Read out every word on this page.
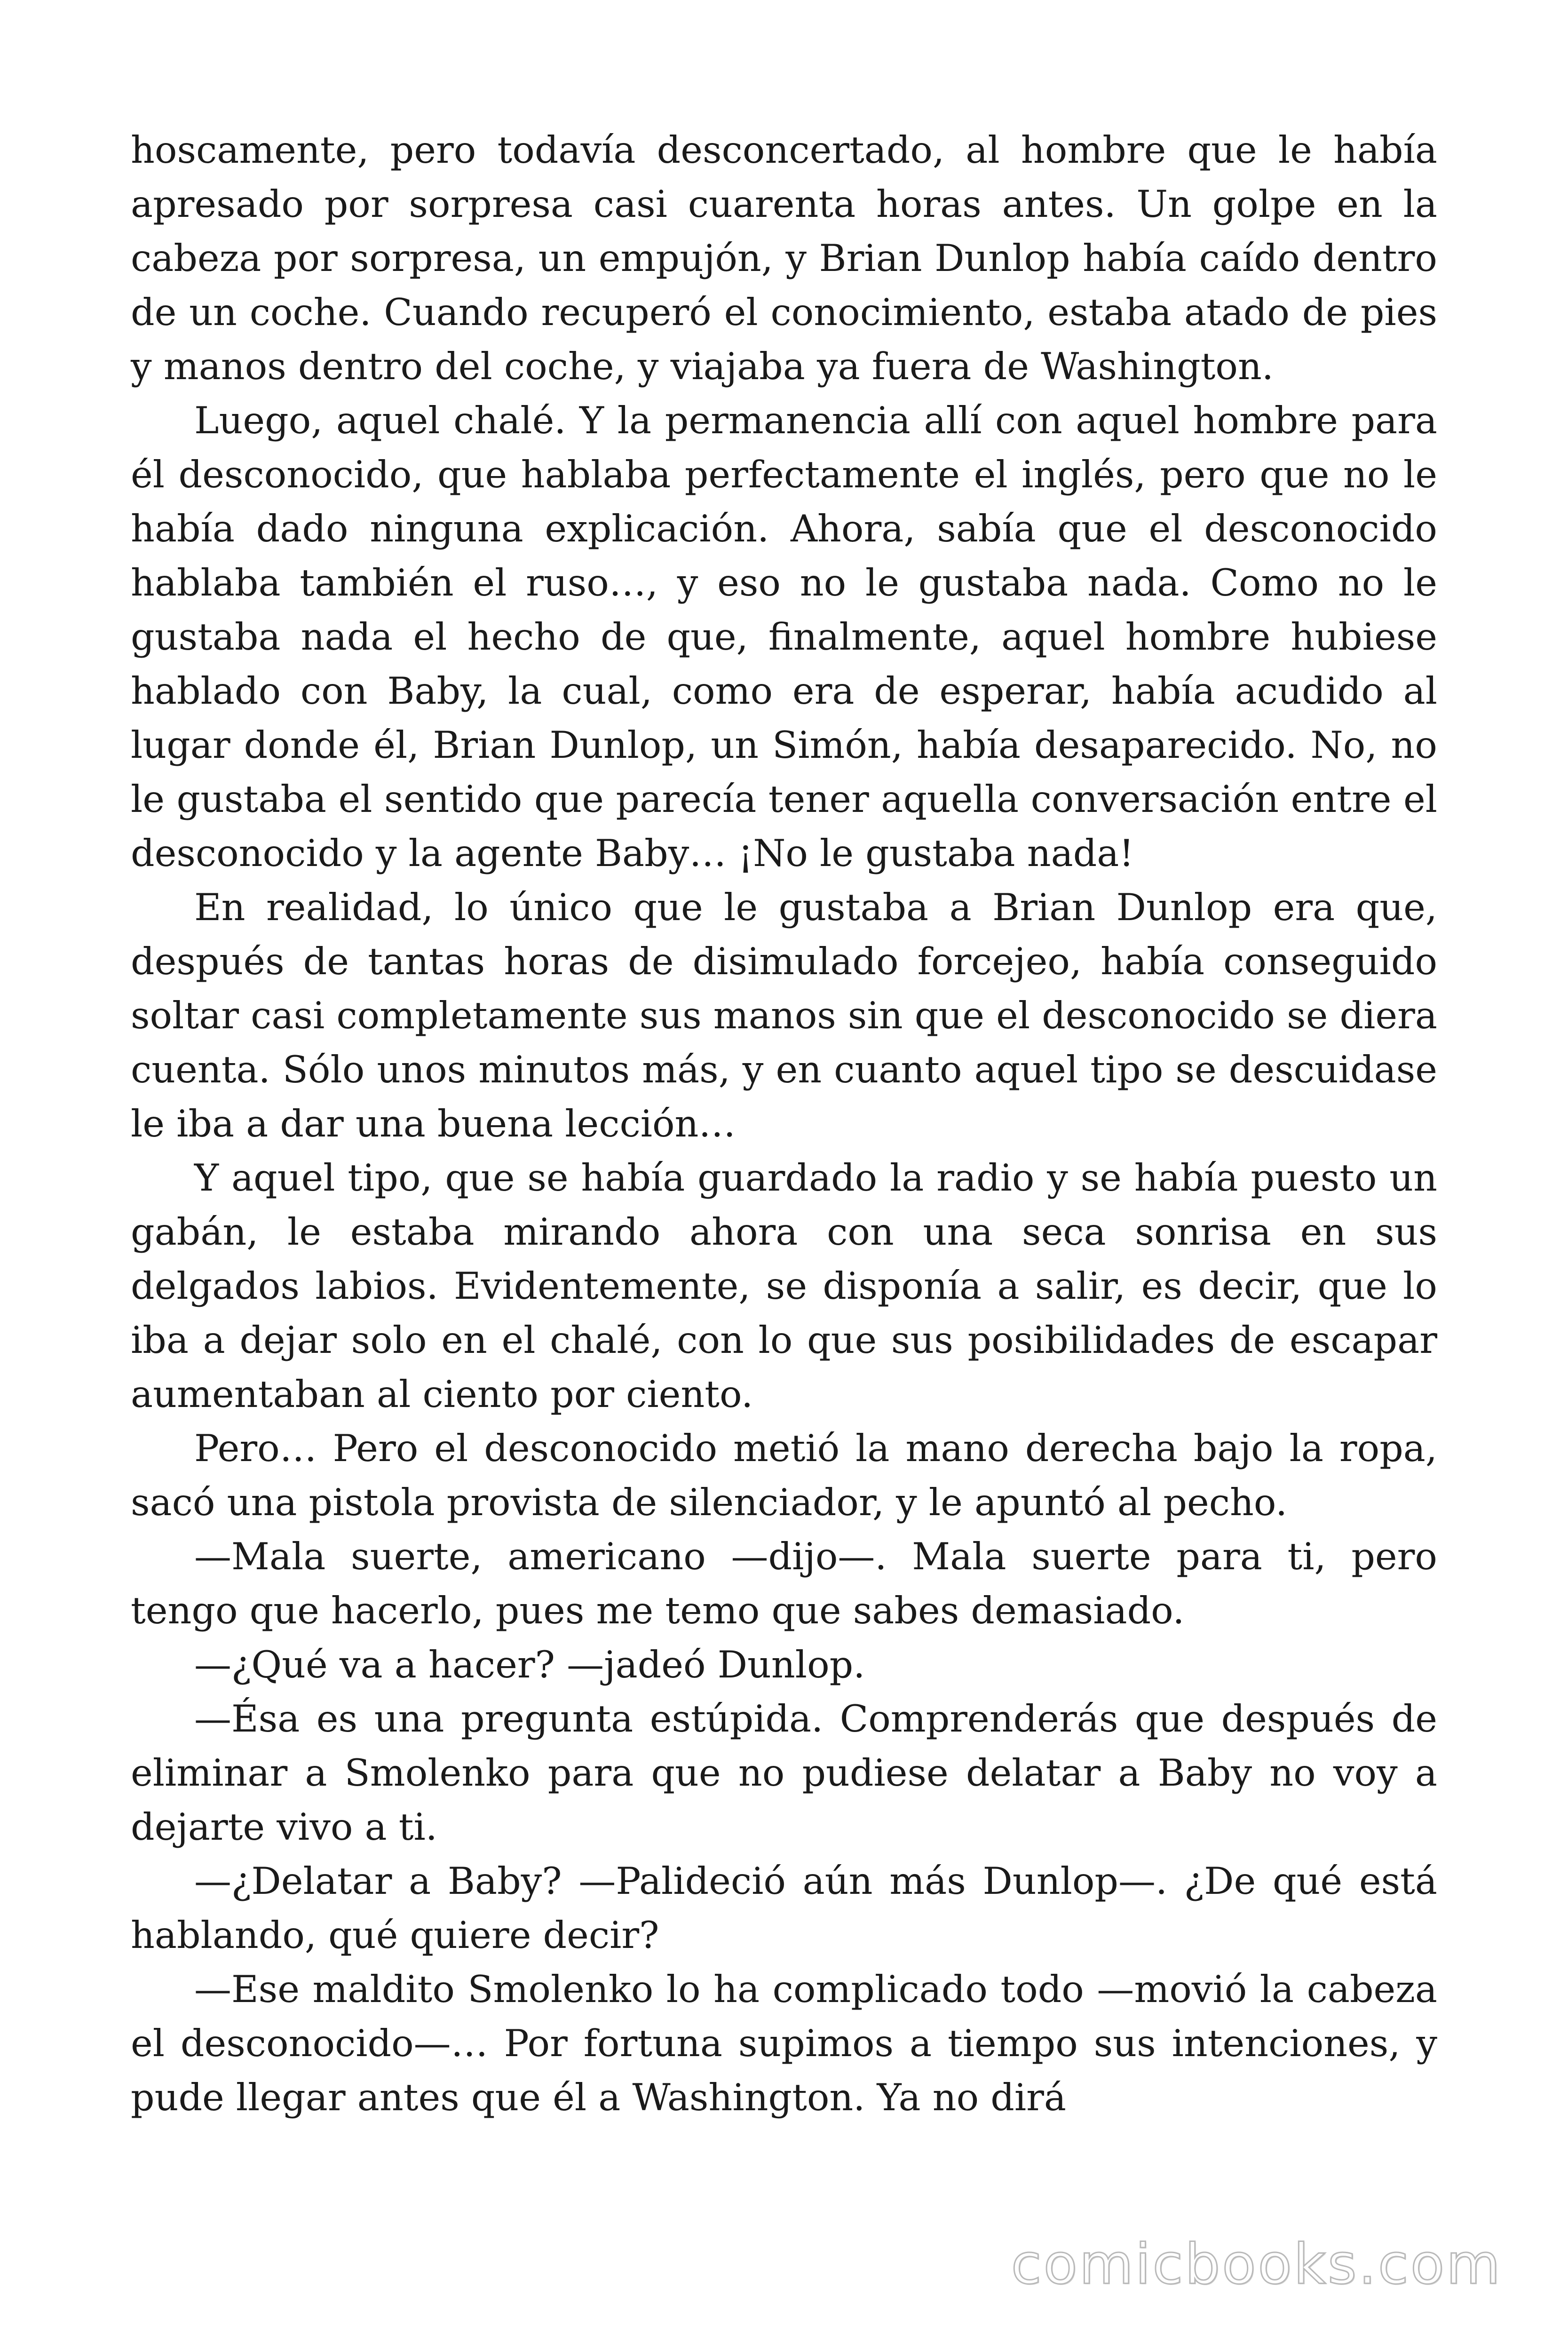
hoscamente, pero todavía desconcertado, al hombre que le había apresado por sorpresa casi cuarenta horas antes. Un golpe en la cabeza por sorpresa, un empujón, y Brian Dunlop había caído dentro de un coche. Cuando recuperó el conocimiento, estaba atado de pies y manos dentro del coche, y viajaba ya fuera de Washington.

Luego, aquel chalé. Y la permanencia allí con aquel hombre para él desconocido, que hablaba perfectamente el inglés, pero que no le había dado ninguna explicación. Ahora, sabía que el desconocido hablaba también el ruso…, y eso no le gustaba nada. Como no le gustaba nada el hecho de que, finalmente, aquel hombre hubiese hablado con Baby, la cual, como era de esperar, había acudido al lugar donde él, Brian Dunlop, un Simón, había desaparecido. No, no le gustaba el sentido que parecía tener aquella conversación entre el desconocido y la agente Baby… ¡No le gustaba nada!

En realidad, lo único que le gustaba a Brian Dunlop era que, después de tantas horas de disimulado forcejeo, había conseguido soltar casi completamente sus manos sin que el desconocido se diera cuenta. Sólo unos minutos más, y en cuanto aquel tipo se descuidase le iba a dar una buena lección…

Y aquel tipo, que se había guardado la radio y se había puesto un gabán, le estaba mirando ahora con una seca sonrisa en sus delgados labios. Evidentemente, se disponía a salir, es decir, que lo iba a dejar solo en el chalé, con lo que sus posibilidades de escapar aumentaban al ciento por ciento.

Pero… Pero el desconocido metió la mano derecha bajo la ropa, sacó una pistola provista de silenciador, y le apuntó al pecho.

—Mala suerte, americano —dijo—. Mala suerte para ti, pero tengo que hacerlo, pues me temo que sabes demasiado.

—¿Qué va a hacer? —jadeó Dunlop.

—Ésa es una pregunta estúpida. Comprenderás que después de eliminar a Smolenko para que no pudiese delatar a Baby no voy a dejarte vivo a ti.

—¿Delatar a Baby? —Palideció aún más Dunlop—. ¿De qué está hablando, qué quiere decir?

—Ese maldito Smolenko lo ha complicado todo —movió la cabeza el desconocido—… Por fortuna supimos a tiempo sus intenciones, y pude llegar antes que él a Washington. Ya no dirá

comicbooks.com
